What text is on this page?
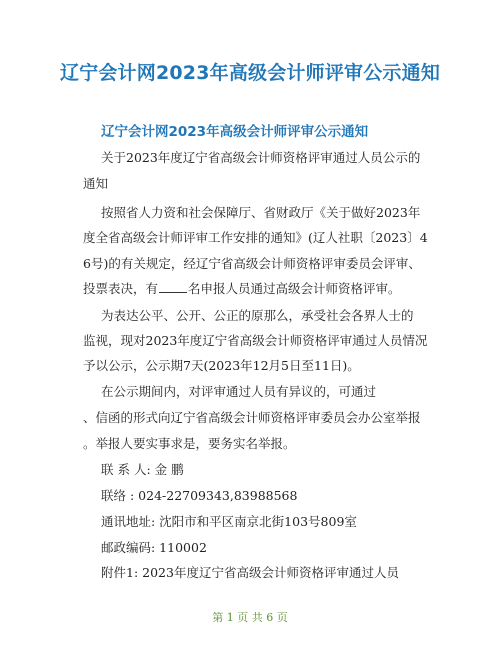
辽宁会计网2023年高级会计师评审公示通知
辽宁会计网2023年高级会计师评审公示通知
关于2023年度辽宁省高级会计师资格评审通过人员公示的
通知
按照省人力资和社会保障厅、省财政厅《关于做好2023年
度全省高级会计师评审工作安排的通知》(辽人社职〔2023〕4
6号)的有关规定，经辽宁省高级会计师资格评审委员会评审、
投票表决，有 名申报人员通过高级会计师资格评审。
为表达公平、公开、公正的原那么，承受社会各界人士的
监视，现对2023年度辽宁省高级会计师资格评审通过人员情况
予以公示，公示期7天(2023年12月5日至11日)。
在公示期间内，对评审通过人员有异议的，可通过
、信函的形式向辽宁省高级会计师资格评审委员会办公室举报
。举报人要实事求是，要务实名举报。
联 系 人: 金 鹏
联络 : 024-22709343,83988568
通讯地址: 沈阳市和平区南京北街103号809室
邮政编码: 110002
附件1: 2023年度辽宁省高级会计师资格评审通过人员
第 1 页 共 6 页
